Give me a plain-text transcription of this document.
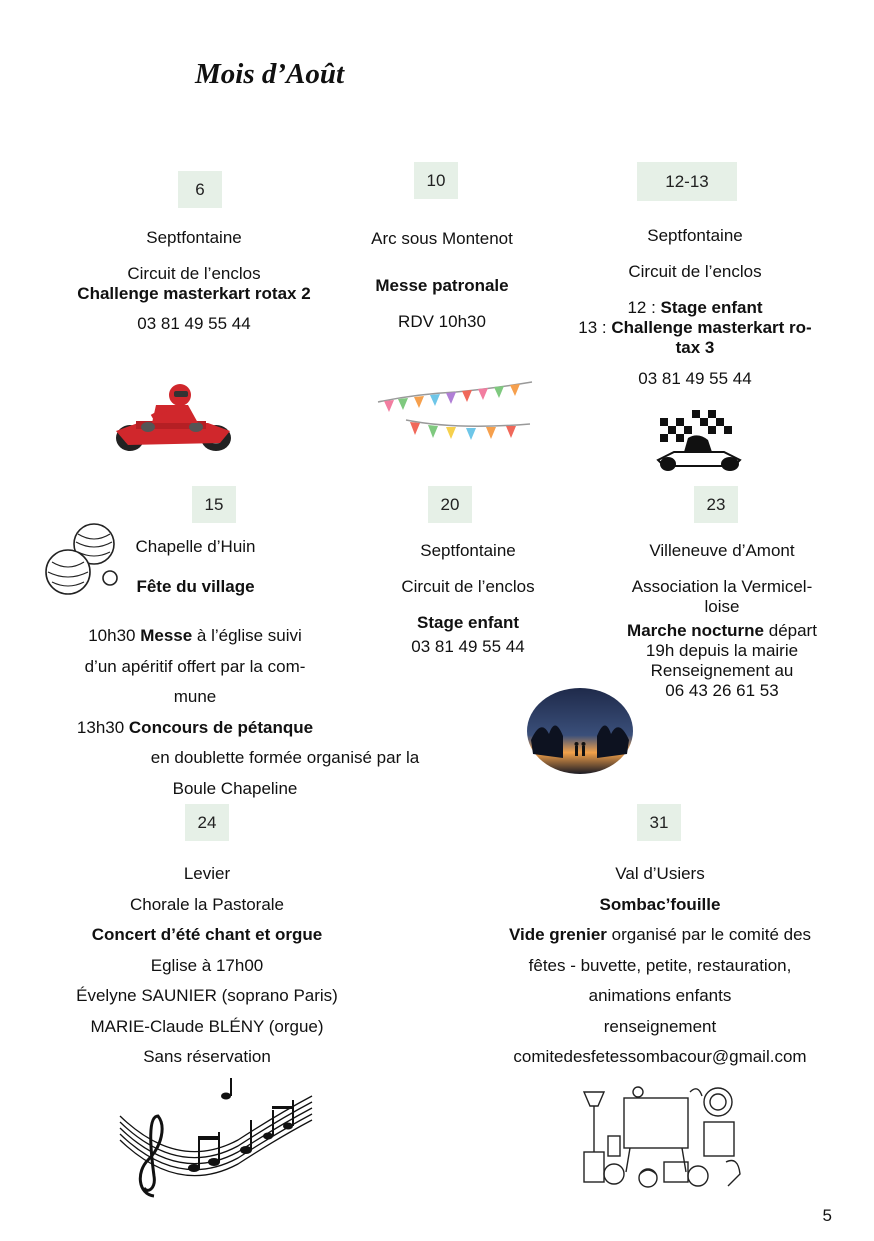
Mois d’Août
6
Septfontaine
Circuit de l’enclos
Challenge masterkart rotax 2
03 81 49 55 44
10
Arc sous Montenot
Messe patronale
RDV 10h30
12-13
Septfontaine
Circuit de l’enclos
12 : Stage enfant
13 : Challenge masterkart ro-
tax 3
03 81 49 55 44
15
Chapelle d’Huin
Fête du village
10h30 Messe à l’église suivi
d’un apéritif offert par la com-
mune
13h30 Concours de pétanque
en doublette formée organisé par la
Boule Chapeline
20
Septfontaine
Circuit de l’enclos
Stage enfant
03 81 49 55 44
23
Villeneuve d’Amont
Association la Vermicel-
loise
Marche nocturne départ
19h depuis la mairie
Renseignement au
06 43 26 61 53
24
Levier
Chorale la Pastorale
Concert d’été chant et orgue
Eglise à 17h00
Évelyne SAUNIER (soprano Paris)
MARIE-Claude BLÉNY (orgue)
Sans réservation
31
Val d’Usiers
Sombac’fouille
Vide grenier organisé par le comité des
fêtes - buvette, petite, restauration,
animations enfants
renseignement
comitedesfetessombacour@gmail.com
5
